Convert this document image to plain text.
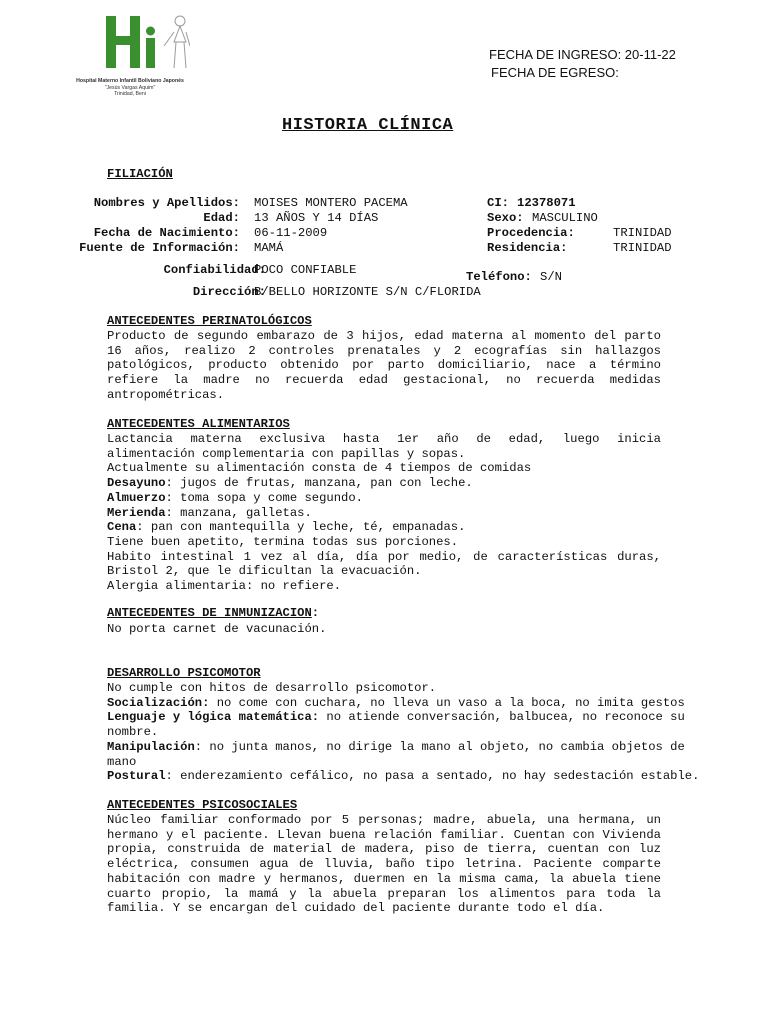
Hospital Materno Infantil Boliviano Japonés
"Jesús Vargas Aquim"
Trinidad, Beni
FECHA DE INGRESO: 20-11-22
FECHA DE EGRESO:
HISTORIA CLÍNICA
FILIACIÓN
Nombres y Apellidos: MOISES MONTERO PACEMA
Edad: 13 AÑOS Y 14 DÍAS
Fecha de Nacimiento: 06-11-2009
Fuente de Información: MAMÁ
CI: 12378071
Sexo: MASCULINO
Procedencia:	TRINIDAD
Residencia:	TRINIDAD
Confiabilidad:
POCO CONFIABLE	Teléfono: S/N
Dirección:
B/BELLO HORIZONTE S/N C/FLORIDA
ANTECEDENTES PERINATOLÓGICOS

Producto de segundo embarazo de 3 hijos, edad materna al momento del parto 16 años, realizo 2 controles prenatales y 2 ecografías sin hallazgos patológicos, producto obtenido por parto domiciliario, nace a término refiere la madre no recuerda edad gestacional, no recuerda medidas antropométricas.

ANTECEDENTES ALIMENTARIOS

Lactancia materna exclusiva hasta 1er año de edad, luego inicia alimentación complementaria con papillas y sopas.

Actualmente su alimentación consta de 4 tiempos de comidas

Desayuno: jugos de frutas, manzana, pan con leche.

Almuerzo: toma sopa y come segundo.

Merienda: manzana, galletas.

Cena: pan con mantequilla y leche, té, empanadas.

Tiene buen apetito, termina todas sus porciones.

Habito intestinal 1 vez al día, día por medio, de características duras, Bristol 2, que le dificultan la evacuación.

Alergia alimentaria: no refiere.

ANTECEDENTES DE INMUNIZACION:

No porta carnet de vacunación.

DESARROLLO PSICOMOTOR

No cumple con hitos de desarrollo psicomotor.

Socialización: no come con cuchara, no lleva un vaso a la boca, no imita gestos

Lenguaje y lógica matemática: no atiende conversación, balbucea, no reconoce su nombre.

Manipulación: no junta manos, no dirige la mano al objeto, no cambia objetos de mano

Postural: enderezamiento cefálico, no pasa a sentado, no hay sedestación estable.

ANTECEDENTES PSICOSOCIALES

Núcleo familiar conformado por 5 personas; madre, abuela, una hermana, un hermano y el paciente. Llevan buena relación familiar. Cuentan con Vivienda propia, construida de material de madera, piso de tierra, cuentan con luz eléctrica, consumen agua de lluvia, baño tipo letrina. Paciente comparte habitación con madre y hermanos, duermen en la misma cama, la abuela tiene cuarto propio, la mamá y la abuela preparan los alimentos para toda la familia. Y se encargan del cuidado del paciente durante todo el día.
